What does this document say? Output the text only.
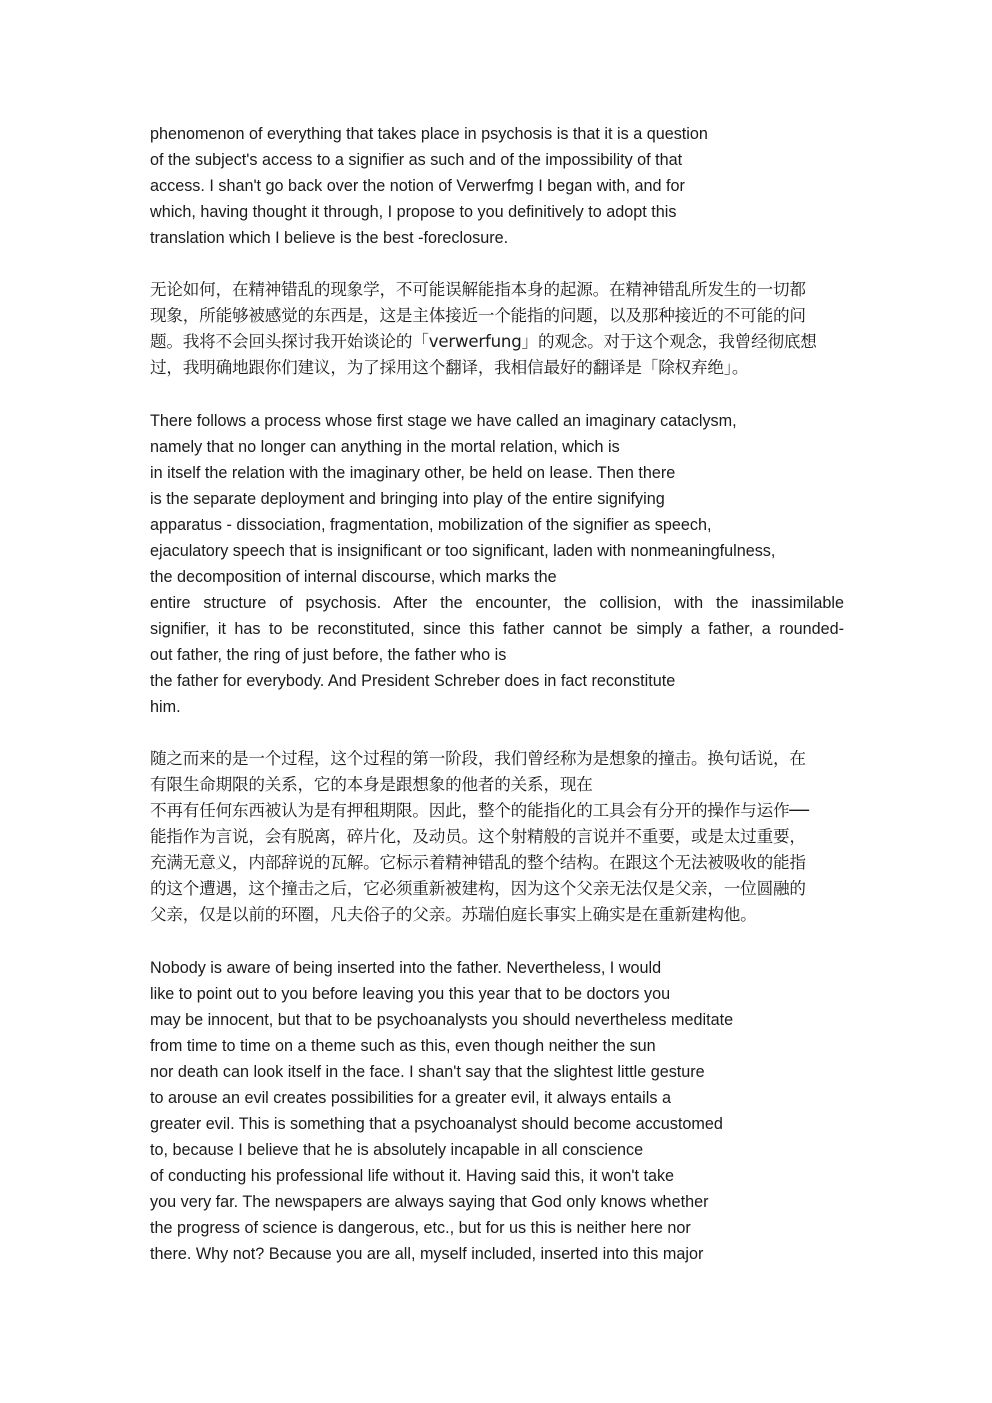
phenomenon of everything that takes place in psychosis is that it is a question
of the subject's access to a signifier as such and of the impossibility of that
access. I shan't go back over the notion of Verwerfmg I began with, and for
which, having thought it through, I propose to you definitively to adopt this
translation which I believe is the best -foreclosure.
无论如何，在精神错乱的现象学，不可能误解能指本身的起源。在精神错乱所发生的一切都
现象，所能够被感觉的东西是，这是主体接近一个能指的问题，以及那种接近的不可能的问
题。我将不会回头探讨我开始谈论的「verwerfung」的观念。对于这个观念，我曾经彻底想
过，我明确地跟你们建议，为了採用这个翻译，我相信最好的翻译是「除权弃绝」。
There follows a process whose first stage we have called an imaginary cataclysm,
namely that no longer can anything in the mortal relation, which is
in itself the relation with the imaginary other, be held on lease. Then there
is the separate deployment and bringing into play of the entire signifying
apparatus - dissociation, fragmentation, mobilization of the signifier as speech,
ejaculatory speech that is insignificant or too significant, laden with nonmeaningfulness,
the decomposition of internal discourse, which marks the
entire structure of psychosis. After the encounter, the collision, with the inassimilable
signifier, it has to be reconstituted, since this father cannot be simply a father, a rounded-
out father, the ring of just before, the father who is
the father for everybody. And President Schreber does in fact reconstitute
him.
随之而来的是一个过程，这个过程的第一阶段，我们曾经称为是想象的撞击。换句话说，在
有限生命期限的关系，它的本身是跟想象的他者的关系，现在
不再有任何东西被认为是有押租期限。因此，整个的能指化的工具会有分开的操作与运作──
能指作为言说，会有脱离，碎片化，及动员。这个射精般的言说并不重要，或是太过重要，
充满无意义，内部辞说的瓦解。它标示着精神错乱的整个结构。在跟这个无法被吸收的能指
的这个遭遇，这个撞击之后，它必须重新被建构，因为这个父亲无法仅是父亲，一位圆融的
父亲，仅是以前的环圈，凡夫俗子的父亲。苏瑞伯庭长事实上确实是在重新建构他。
Nobody is aware of being inserted into the father. Nevertheless, I would
like to point out to you before leaving you this year that to be doctors you
may be innocent, but that to be psychoanalysts you should nevertheless meditate
from time to time on a theme such as this, even though neither the sun
nor death can look itself in the face. I shan't say that the slightest little gesture
to arouse an evil creates possibilities for a greater evil, it always entails a
greater evil. This is something that a psychoanalyst should become accustomed
to, because I believe that he is absolutely incapable in all conscience
of conducting his professional life without it. Having said this, it won't take
you very far. The newspapers are always saying that God only knows whether
the progress of science is dangerous, etc., but for us this is neither here nor
there. Why not? Because you are all, myself included, inserted into this major
